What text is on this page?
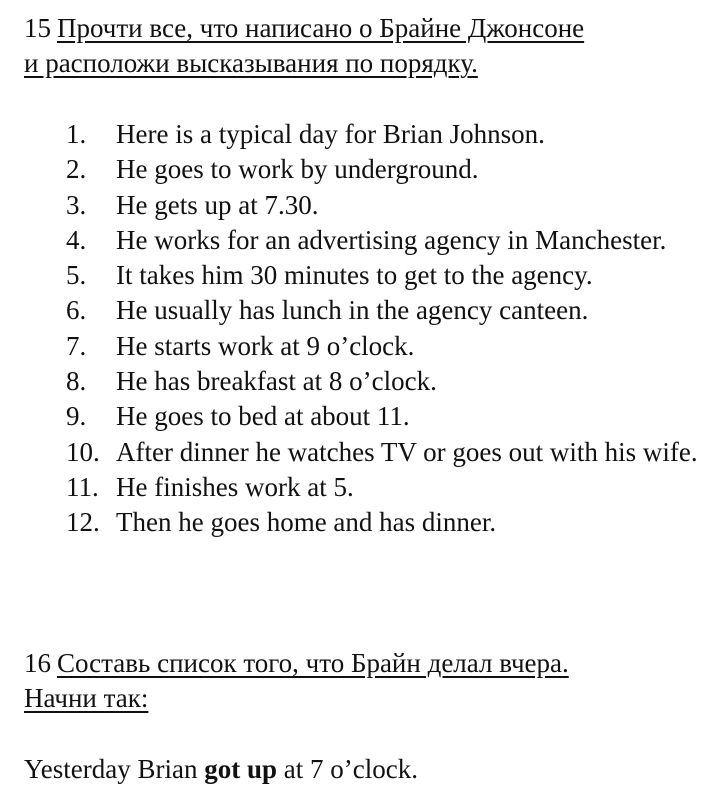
15 Прочти все, что написано о Брайне Джонсоне
и расположи высказывания по порядку.
1.	Here is a typical day for Brian Johnson.
2.	He goes to work by underground.
3.	He gets up at 7.30.
4.	He works for an advertising agency in Manchester.
5.	It takes him 30 minutes to get to the agency.
6.	He usually has lunch in the agency canteen.
7.	He starts work at 9 o’clock.
8.	He has breakfast at 8 o’clock.
9.	He goes to bed at about 11.
10. After dinner he watches TV or goes out with his wife.
11. He finishes work at 5.
12. Then he goes home and has dinner.
16 Составь список того, что Брайн делал вчера.
Начни так:
Yesterday Brian got up at 7 o’clock.
